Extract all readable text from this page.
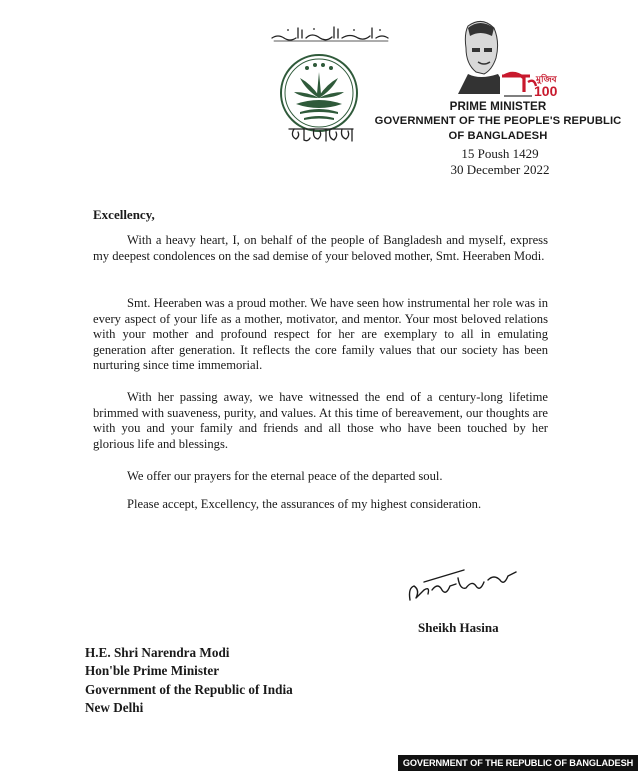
মুজিব
100
PRIME MINISTER
GOVERNMENT OF THE PEOPLE'S REPUBLIC OF BANGLADESH
15 Poush 1429
30 December 2022
Excellency,

With a heavy heart, I, on behalf of the people of Bangladesh and myself, express my deepest condolences on the sad demise of your beloved mother, Smt. Heeraben Modi.

Smt. Heeraben was a proud mother. We have seen how instrumental her role was in every aspect of your life as a mother, motivator, and mentor. Your most beloved relations with your mother and profound respect for her are exemplary to all in emulating generation after generation. It reflects the core family values that our society has been nurturing since time immemorial.

With her passing away, we have witnessed the end of a century-long lifetime brimmed with suaveness, purity, and values. At this time of bereavement, our thoughts are with you and your family and friends and all those who have been touched by her glorious life and blessings.

We offer our prayers for the eternal peace of the departed soul.

Please accept, Excellency, the assurances of my highest consideration.

Sheikh Hasina
H.E. Shri Narendra Modi
Hon'ble Prime Minister
Government of the Republic of India
New Delhi
GOVERNMENT OF THE REPUBLIC OF BANGLADESH
